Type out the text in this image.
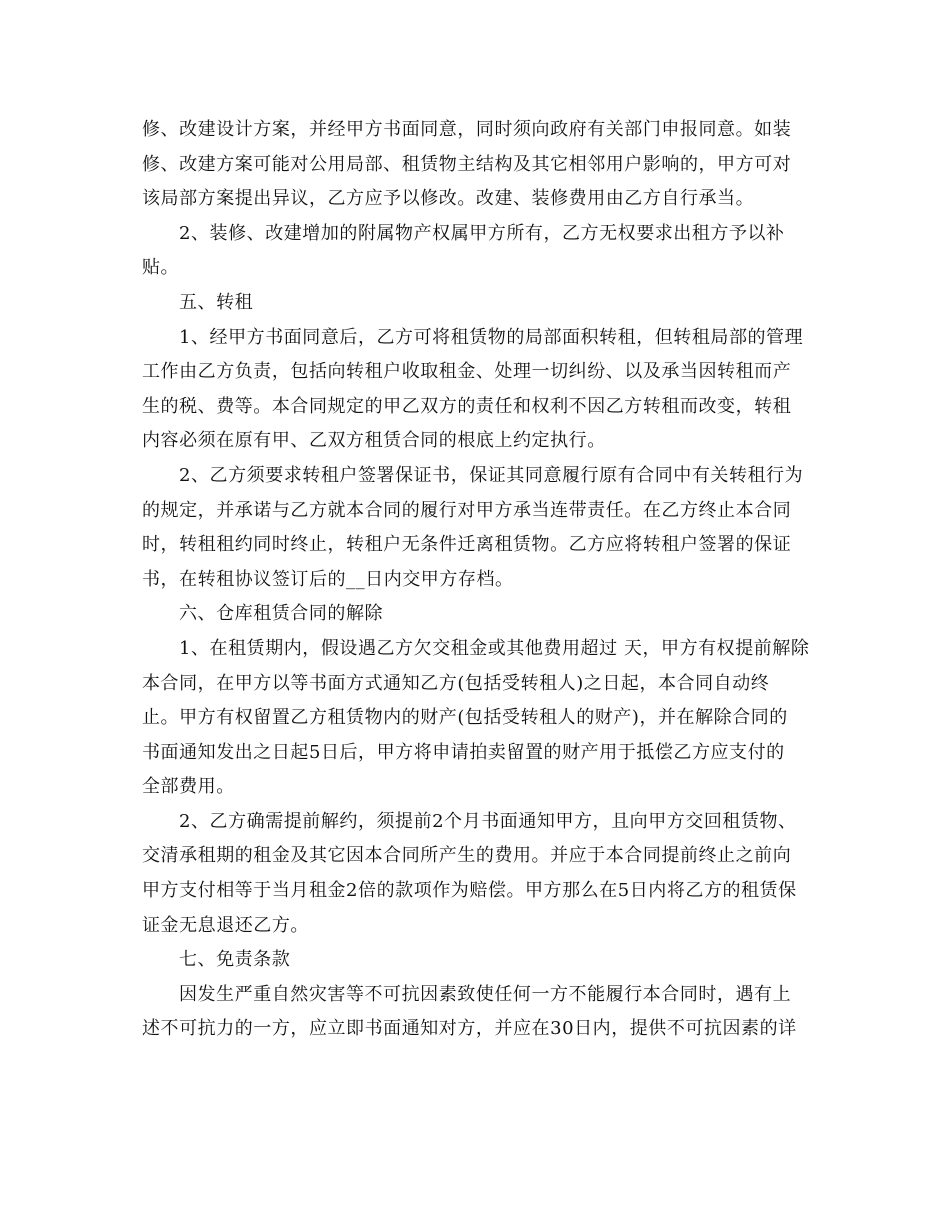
修、改建设计方案，并经甲方书面同意，同时须向政府有关部门申报同意。如装
修、改建方案可能对公用局部、租赁物主结构及其它相邻用户影响的，甲方可对
该局部方案提出异议，乙方应予以修改。改建、装修费用由乙方自行承当。
2、装修、改建增加的附属物产权属甲方所有，乙方无权要求出租方予以补
贴。
五、转租
1、经甲方书面同意后，乙方可将租赁物的局部面积转租，但转租局部的管理
工作由乙方负责，包括向转租户收取租金、处理一切纠纷、以及承当因转租而产
生的税、费等。本合同规定的甲乙双方的责任和权利不因乙方转租而改变，转租
内容必须在原有甲、乙双方租赁合同的根底上约定执行。
2、乙方须要求转租户签署保证书，保证其同意履行原有合同中有关转租行为
的规定，并承诺与乙方就本合同的履行对甲方承当连带责任。在乙方终止本合同
时，转租租约同时终止，转租户无条件迁离租赁物。乙方应将转租户签署的保证
书，在转租协议签订后的__日内交甲方存档。
六、仓库租赁合同的解除
1、在租赁期内，假设遇乙方欠交租金或其他费用超过 天，甲方有权提前解除
本合同，在甲方以等书面方式通知乙方(包括受转租人)之日起，本合同自动终
止。甲方有权留置乙方租赁物内的财产(包括受转租人的财产)，并在解除合同的
书面通知发出之日起5日后，甲方将申请拍卖留置的财产用于抵偿乙方应支付的
全部费用。
2、乙方确需提前解约，须提前2个月书面通知甲方，且向甲方交回租赁物、
交清承租期的租金及其它因本合同所产生的费用。并应于本合同提前终止之前向
甲方支付相等于当月租金2倍的款项作为赔偿。甲方那么在5日内将乙方的租赁保
证金无息退还乙方。
七、免责条款
因发生严重自然灾害等不可抗因素致使任何一方不能履行本合同时，遇有上
述不可抗力的一方，应立即书面通知对方，并应在30日内，提供不可抗因素的详
